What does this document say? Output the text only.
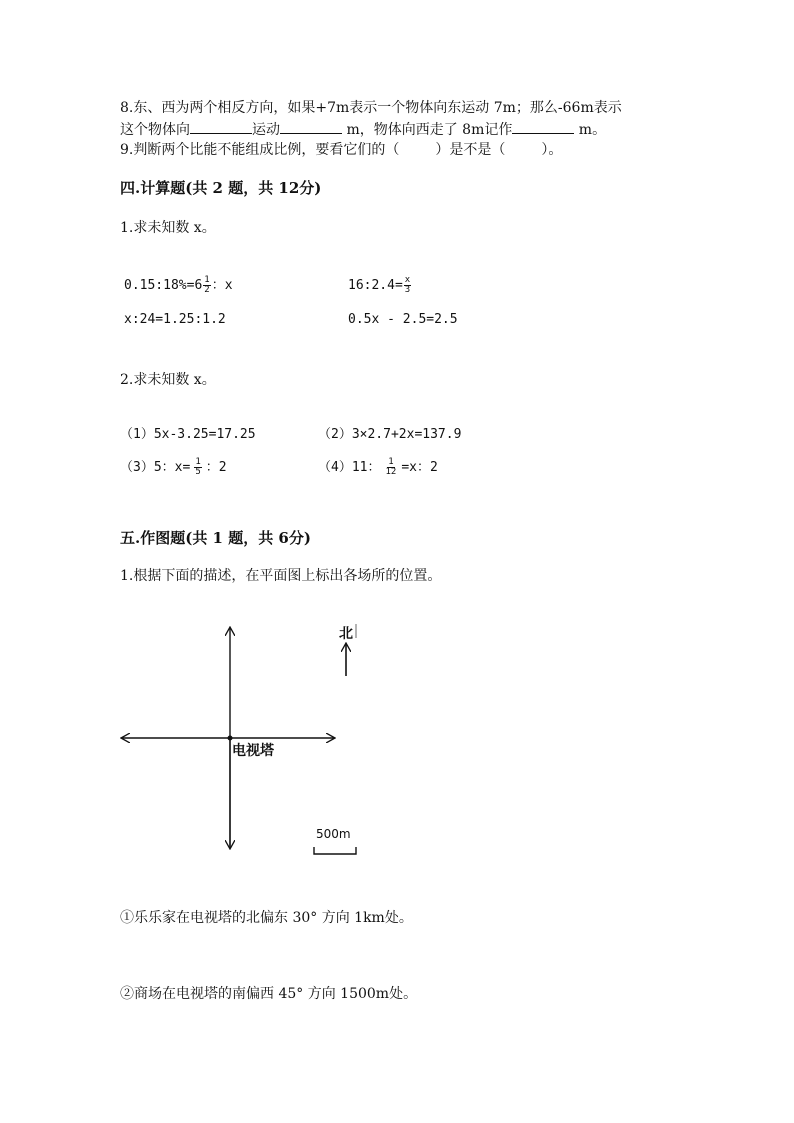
8.东、西为两个相反方向，如果+7m表示一个物体向东运动 7m；那么-66m表示
这个物体向	运动	m，物体向西走了 8m记作	m。
9.判断两个比能不能组成比例，要看它们的（	）是不是（	）。
四.计算题(共 2 题，共 12分)
1.求未知数 x。
0.15:18%=6 $\frac{1}{2}$ ：x	16:2.4= $\frac{x}{3}$
x:24=1.25:1.2	0.5x - 2.5=2.5
2.求未知数 x。
（1）5x-3.25=17.25	（2）3×2.7+2x=137.9
（3）5：$x= \frac{1}{5}$ ：2	（4）11： $\frac{1}{12} =x$：2
五.作图题(共 1 题，共 6分)
1.根据下面的描述，在平面图上标出各场所的位置。
电视塔
北
500m
①乐乐家在电视塔的北偏东 30° 方向 1km处。
②商场在电视塔的南偏西 45° 方向 1500m处。
